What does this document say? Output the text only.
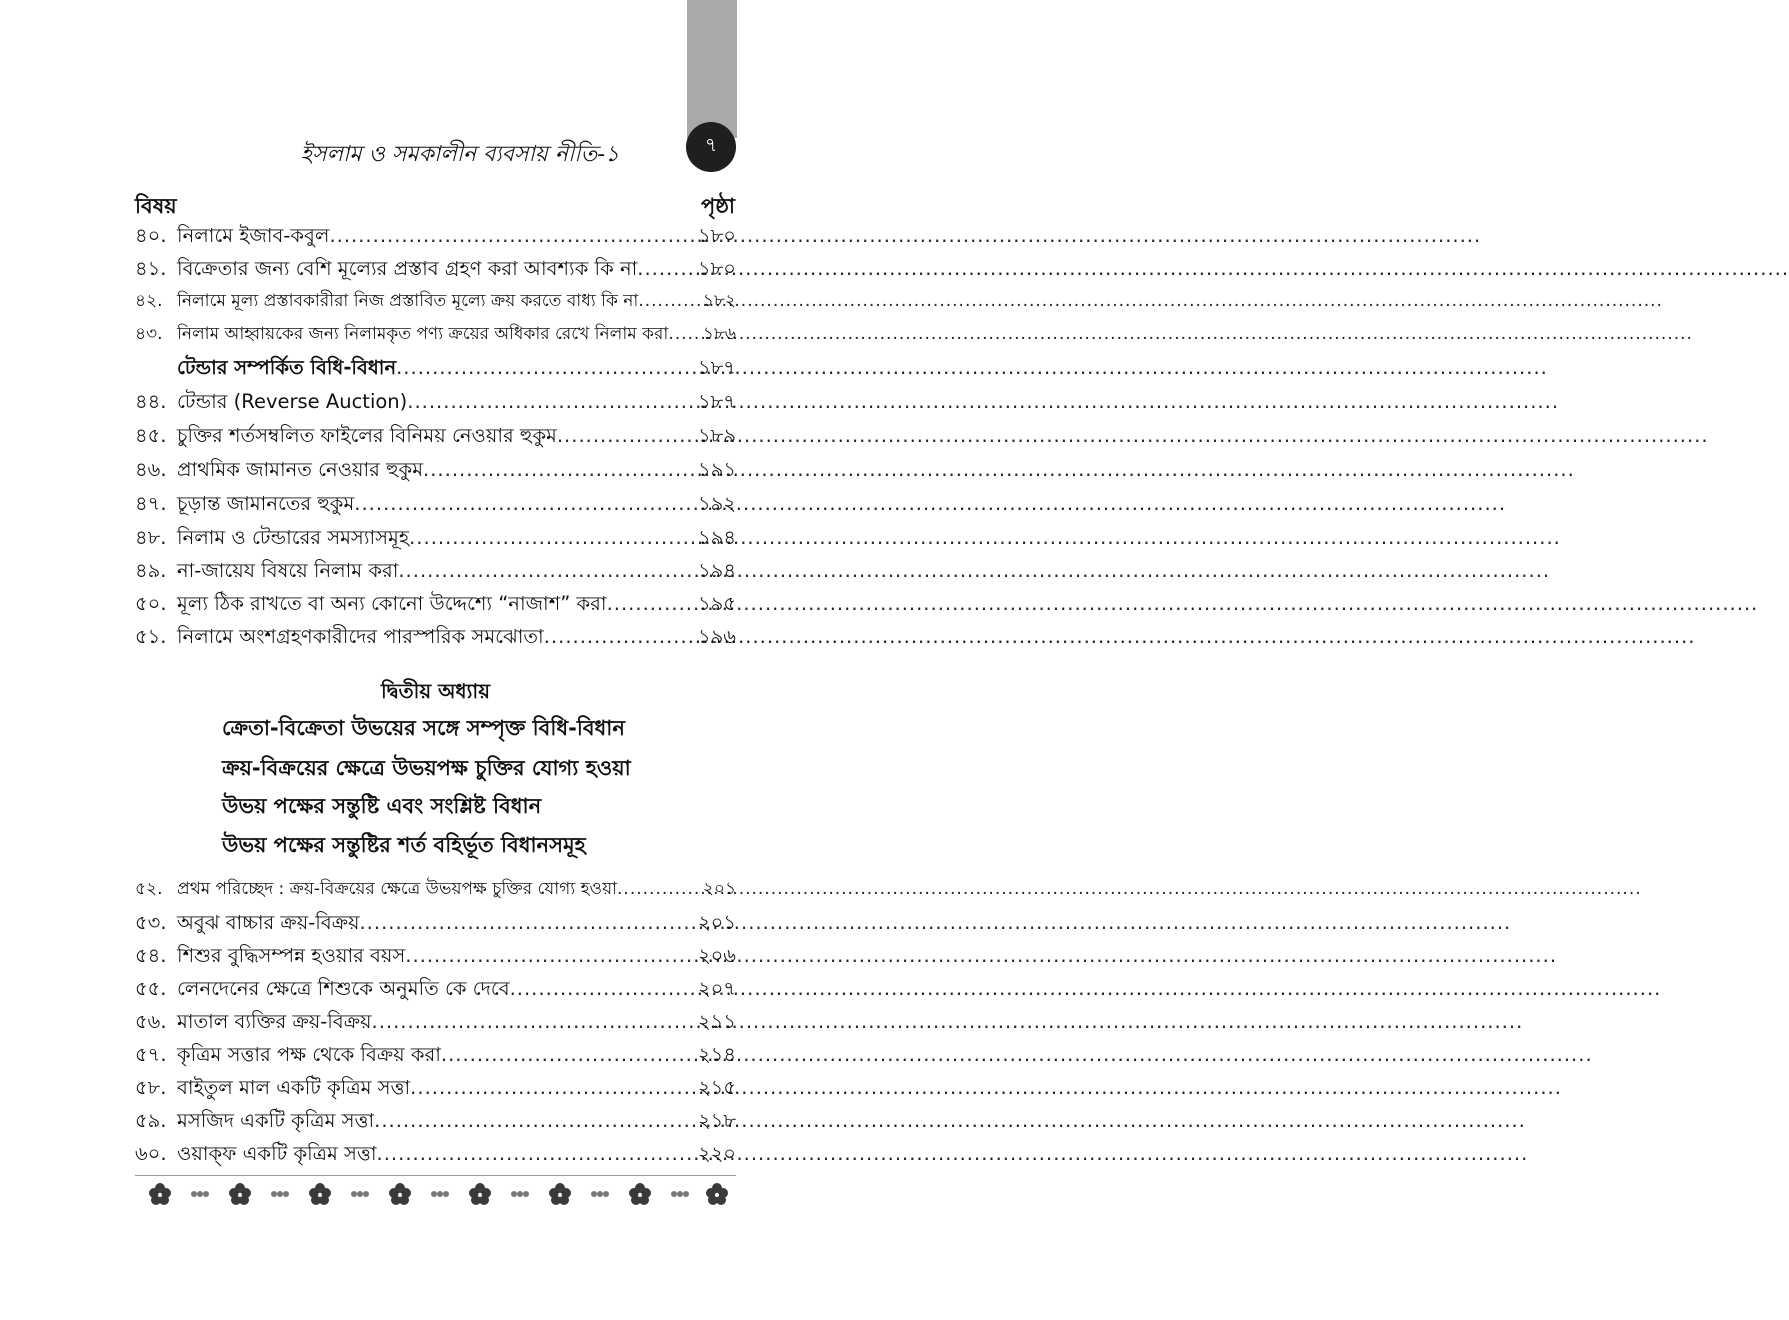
৭
ইসলাম ও সমকালীন ব্যবসায় নীতি-১
বিষয়	পৃষ্ঠা
৪০. নিলামে ইজাব-কবুল .....	১৮০
৪১. বিক্রেতার জন্য বেশি মূল্যের প্রস্তাব গ্রহণ করা আবশ্যক কি না .....	১৮০
৪২. নিলামে মূল্য প্রস্তাবকারীরা নিজ প্রস্তাবিত মূল্যে ক্রয় করতে বাধ্য কি না .....	১৮২
৪৩. নিলাম আহ্বায়কের জন্য নিলামকৃত পণ্য ক্রয়ের অধিকার রেখে নিলাম করা ..... ১৮৬
টেন্ডার সম্পর্কিত বিধি-বিধান .....	১৮৭
৪৪. টেন্ডার (Reverse Auction) .....	১৮৭
৪৫. চুক্তির শর্তসম্বলিত ফাইলের বিনিময় নেওয়ার হুকুম .....	১৮৯
৪৬. প্রাথমিক জামানত নেওয়ার হুকুম .....	১৯১
৪৭. চূড়ান্ত জামানতের হুকুম .....	১৯২
৪৮. নিলাম ও টেন্ডারের সমস্যাসমূহ .....	১৯৪
৪৯. না-জায়েয বিষয়ে নিলাম করা .....	১৯৪
৫০. মূল্য ঠিক রাখতে বা অন্য কোনো উদ্দেশ্যে “নাজাশ” করা .....	১৯৫
৫১. নিলামে অংশগ্রহণকারীদের পারস্পরিক সমঝোতা .....	১৯৬
দ্বিতীয় অধ্যায়
ক্রেতা-বিক্রেতা উভয়ের সঙ্গে সম্পৃক্ত বিধি-বিধান
ক্রয়-বিক্রয়ের ক্ষেত্রে উভয়পক্ষ চুক্তির যোগ্য হওয়া
উভয় পক্ষের সন্তুষ্টি এবং সংশ্লিষ্ট বিধান
উভয় পক্ষের সন্তুষ্টির শর্ত বহির্ভূত বিধানসমূহ
৫২. প্রথম পরিচ্ছেদ : ক্রয়-বিক্রয়ের ক্ষেত্রে উভয়পক্ষ চুক্তির যোগ্য হওয়া .....	২০১
৫৩. অবুঝ বাচ্চার ক্রয়-বিক্রয় .....	২০১
৫৪. শিশুর বুদ্ধিসম্পন্ন হওয়ার বয়স .....	২০৬
৫৫. লেনদেনের ক্ষেত্রে শিশুকে অনুমতি কে দেবে .....	২০৭
৫৬. মাতাল ব্যক্তির ক্রয়-বিক্রয় .....	২১১
৫৭. কৃত্রিম সত্তার পক্ষ থেকে বিক্রয় করা .....	২১৪
৫৮. বাইতুল মাল একটি কৃত্রিম সত্তা .....	২১৫
৫৯. মসজিদ একটি কৃত্রিম সত্তা .....	২১৮
৬০. ওয়াক্‌ফ একটি কৃত্রিম সত্তা .....	২২০
